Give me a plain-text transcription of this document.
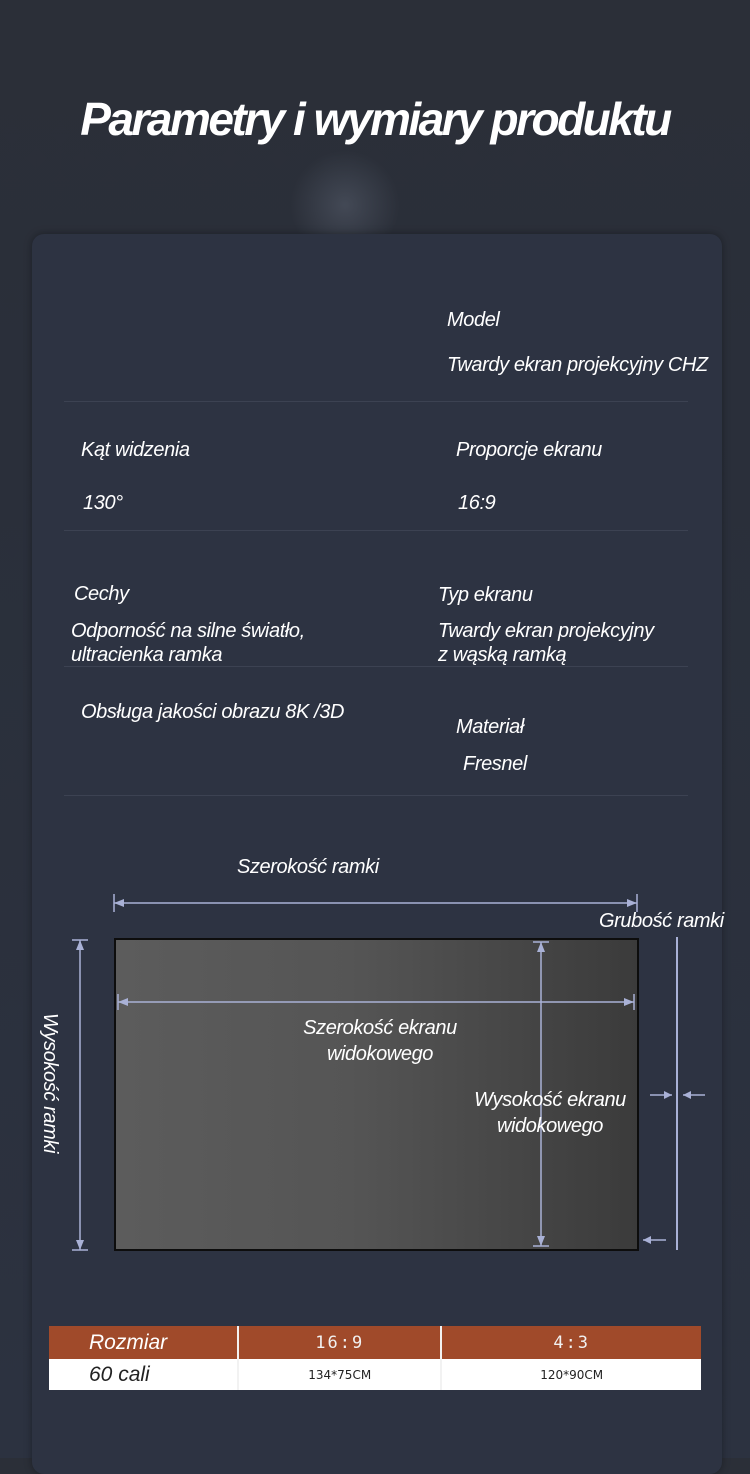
Parametry i wymiary produktu
Model
Twardy ekran projekcyjny CHZ
Kąt widzenia
130°
Proporcje ekranu
16:9
Cechy
Odporność na silne światło,
ultracienka ramka
Typ ekranu
Twardy ekran projekcyjny
z wąską ramką
Obsługa jakości obrazu 8K /3D
Materiał
Fresnel
Szerokość ramki
Grubość ramki
Wysokość ramki	Szerokość ekranu
widokowego
Wysokość ekranu
widokowego
Rozmiar	16:9	4:3
60 cali	134*75CM	120*90CM
